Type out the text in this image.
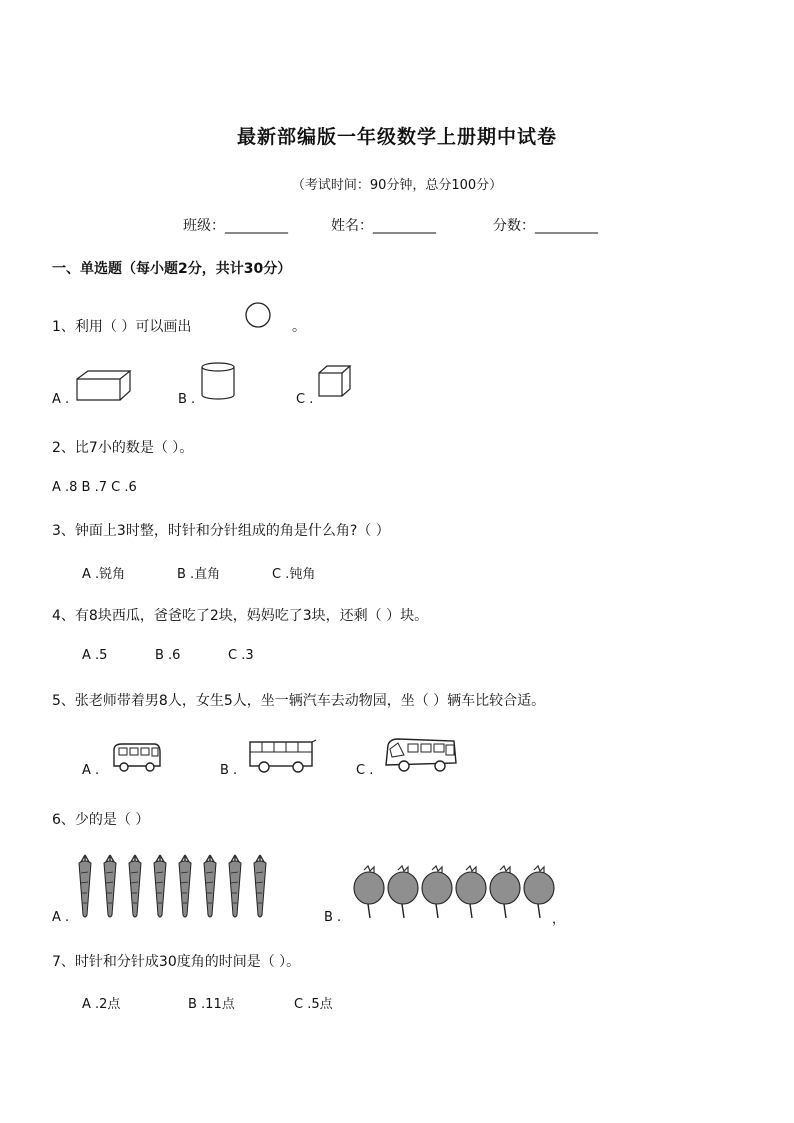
最新部编版一年级数学上册期中试卷
（考试时间：90分钟，总分100分）
班级：_________	姓名：_________	分数：_________
一、单选题（每小题2分，共计30分）
1、利用（ ）可以画出	。
A .	B .	C .
2、比7小的数是（ ）。
A .8 B .7 C .6
3、钟面上3时整，时针和分针组成的角是什么角?（ ）
A .锐角	B .直角	C .钝角
4、有8块西瓜，爸爸吃了2块，妈妈吃了3块，还剩（ ）块。
A .5	B .6	C .3
5、张老师带着男8人，女生5人，坐一辆汽车去动物园，坐（ ）辆车比较合适。
A .	B .	C .
6、少的是（ ）
A .	B .	，
7、时针和分针成30度角的时间是（ ）。
A .2点	B .11点	C .5点
